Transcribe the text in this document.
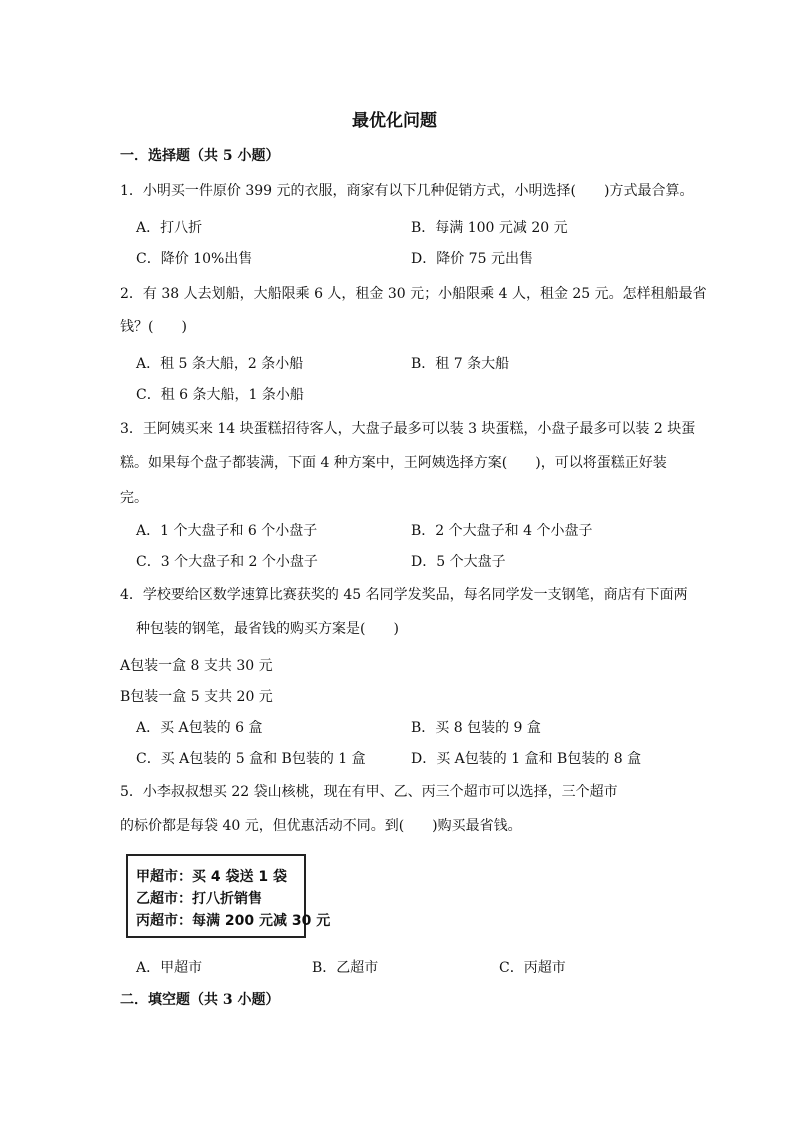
最优化问题
一．选择题（共 5 小题）
1．小明买一件原价 399 元的衣服，商家有以下几种促销方式，小明选择(　　)方式最合算。
A．打八折	B．每满 100 元减 20 元
C．降价 10%出售	D．降价 75 元出售
2．有 38 人去划船，大船限乘 6 人，租金 30 元；小船限乘 4 人，租金 25 元。怎样租船最省
钱？(　　)
A．租 5 条大船，2 条小船	B．租 7 条大船
C．租 6 条大船，1 条小船
3．王阿姨买来 14 块蛋糕招待客人，大盘子最多可以装 3 块蛋糕，小盘子最多可以装 2 块蛋
糕。如果每个盘子都装满，下面 4 种方案中，王阿姨选择方案(　　)，可以将蛋糕正好装
完。
A．1 个大盘子和 6 个小盘子	B．2 个大盘子和 4 个小盘子
C．3 个大盘子和 2 个小盘子	D．5 个大盘子
4．学校要给区数学速算比赛获奖的 45 名同学发奖品，每名同学发一支钢笔，商店有下面两
种包装的钢笔，最省钱的购买方案是(　　)
A包装一盒 8 支共 30 元
B包装一盒 5 支共 20 元
A．买 A包装的 6 盒	B．买 8 包装的 9 盒
C．买 A包装的 5 盒和 B包装的 1 盒	D．买 A包装的 1 盒和 B包装的 8 盒
5．小李叔叔想买 22 袋山核桃，现在有甲、乙、丙三个超市可以选择，三个超市
的标价都是每袋 40 元，但优惠活动不同。到(　　)购买最省钱。
甲超市：买 4 袋送 1 袋
乙超市：打八折销售
丙超市：每满 200 元减 30 元
A．甲超市	B．乙超市	C．丙超市
二．填空题（共 3 小题）
